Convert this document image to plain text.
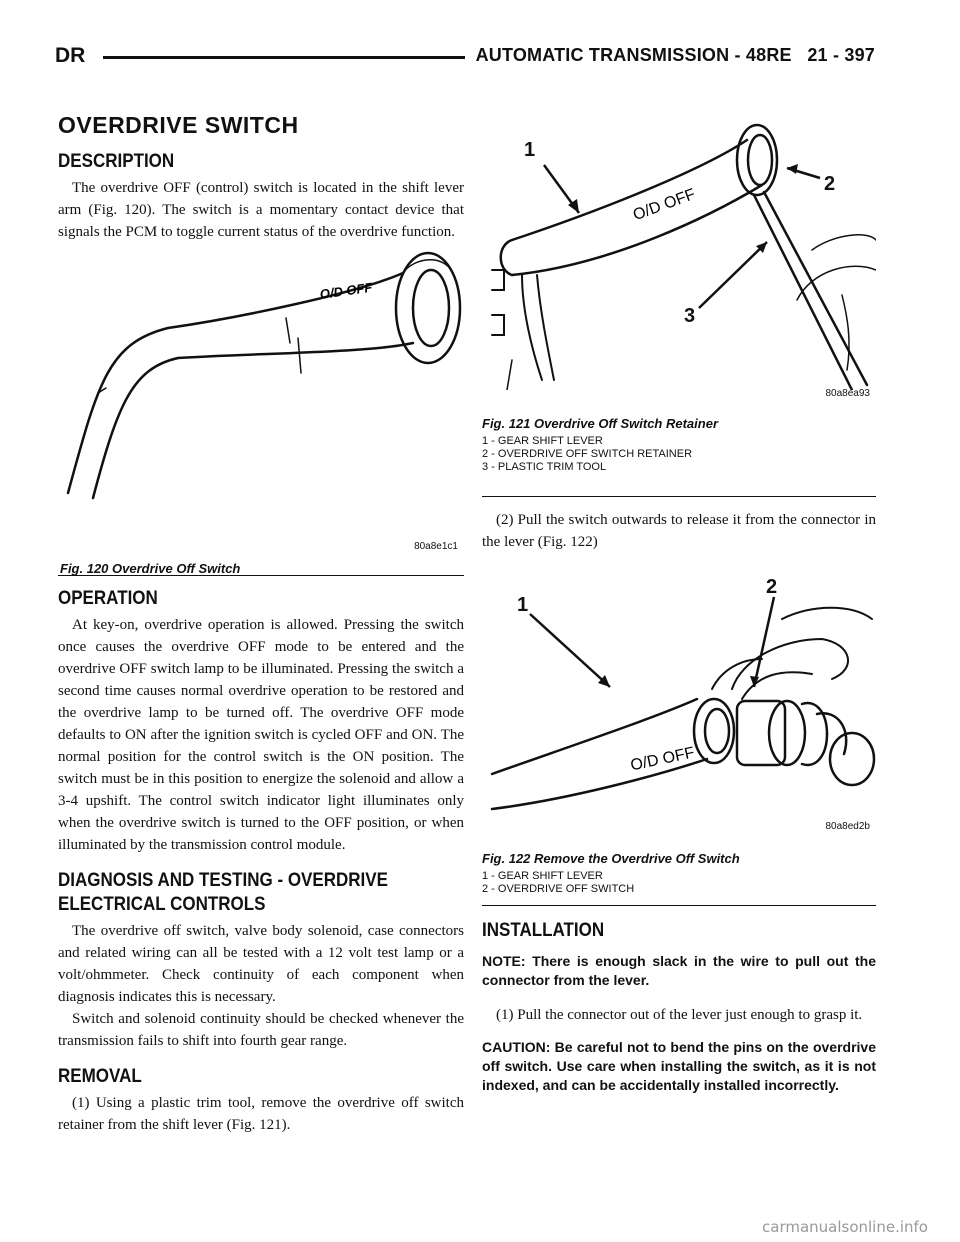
DR	AUTOMATIC TRANSMISSION - 48RE 21 - 397
OVERDRIVE SWITCH
DESCRIPTION

The overdrive OFF (control) switch is located in the shift lever arm (Fig. 120). The switch is a momentary contact device that signals the PCM to toggle current status of the overdrive function.

O/D OFF
80a8e1c1
Fig. 120 Overdrive Off Switch
OPERATION

At key-on, overdrive operation is allowed. Pressing the switch once causes the overdrive OFF mode to be entered and the overdrive OFF switch lamp to be illuminated. Pressing the switch a second time causes normal overdrive operation to be restored and the overdrive lamp to be turned off. The overdrive OFF mode defaults to ON after the ignition switch is cycled OFF and ON. The normal position for the control switch is the ON position. The switch must be in this position to energize the solenoid and allow a 3-4 upshift. The control switch indicator light illuminates only when the overdrive switch is turned to the OFF position, or when illuminated by the transmission control module.

DIAGNOSIS AND TESTING - OVERDRIVE
ELECTRICAL CONTROLS

The overdrive off switch, valve body solenoid, case connectors and related wiring can all be tested with a 12 volt test lamp or a volt/ohmmeter. Check continuity of each component when diagnosis indicates this is necessary.

Switch and solenoid continuity should be checked whenever the transmission fails to shift into fourth gear range.

REMOVAL

(1) Using a plastic trim tool, remove the overdrive off switch retainer from the shift lever (Fig. 121).

1
2
3
O/D OFF
80a8ea93
Fig. 121 Overdrive Off Switch Retainer
1 - GEAR SHIFT LEVER
2 - OVERDRIVE OFF SWITCH RETAINER
3 - PLASTIC TRIM TOOL

(2) Pull the switch outwards to release it from the connector in the lever (Fig. 122)

1
2
O/D OFF
80a8ed2b
Fig. 122 Remove the Overdrive Off Switch
1 - GEAR SHIFT LEVER
2 - OVERDRIVE OFF SWITCH
INSTALLATION

NOTE: There is enough slack in the wire to pull out the connector from the lever.

(1) Pull the connector out of the lever just enough to grasp it.

CAUTION: Be careful not to bend the pins on the overdrive off switch. Use care when installing the switch, as it is not indexed, and can be accidentally installed incorrectly.

carmanualsonline.info
